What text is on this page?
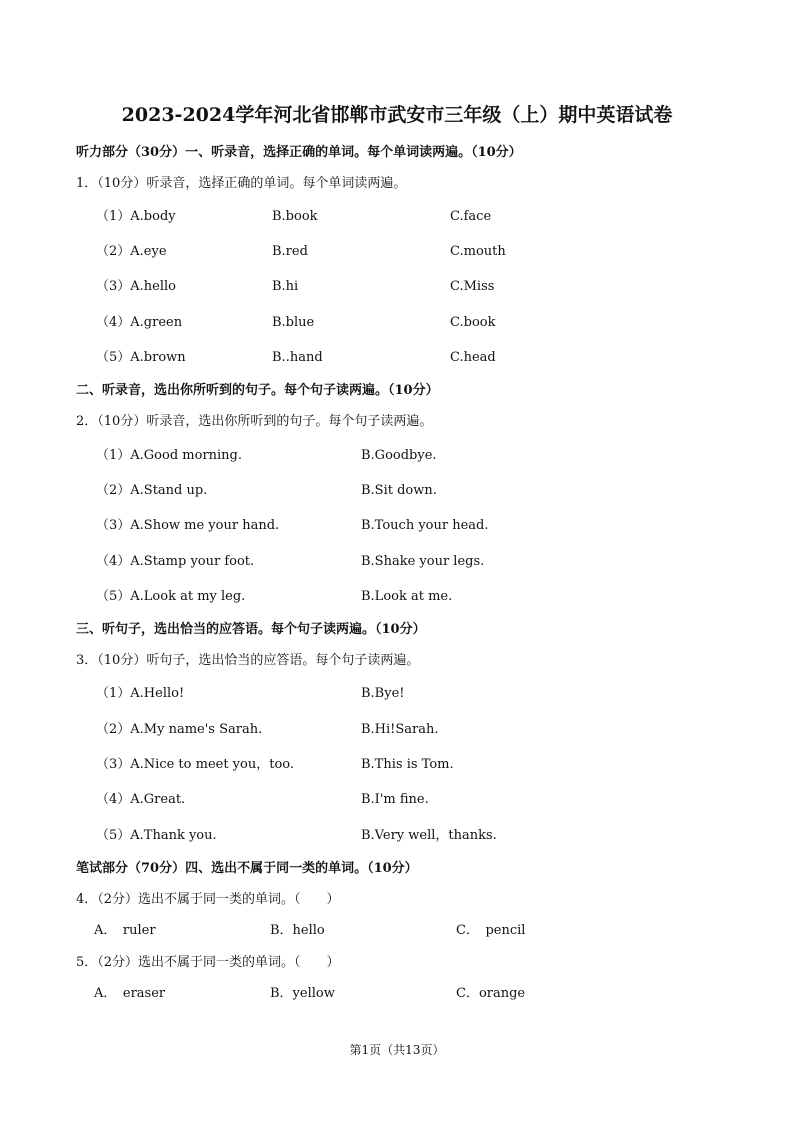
2023-2024学年河北省邯郸市武安市三年级（上）期中英语试卷

听力部分（30分）一、听录音，选择正确的单词。每个单词读两遍。（10分）

1．（10分）听录音，选择正确的单词。每个单词读两遍。

（1）A.body	B.book	C.face
（2）A.eye	B.red	C.mouth
（3）A.hello	B.hi	C.Miss
（4）A.green	B.blue	C.book
（5）A.brown	B..hand	C.head

二、听录音，选出你所听到的句子。每个句子读两遍。（10分）

2．（10分）听录音，选出你所听到的句子。每个句子读两遍。

（1）A.Good morning.	B.Goodbye.
（2）A.Stand up.	B.Sit down.
（3）A.Show me your hand.	B.Touch your head.
（4）A.Stamp your foot.	B.Shake your legs.
（5）A.Look at my leg.	B.Look at me.

三、听句子，选出恰当的应答语。每个句子读两遍。（10分）

3．（10分）听句子，选出恰当的应答语。每个句子读两遍。

（1）A.Hello!	B.Bye!
（2）A.My name's Sarah.	B.Hi!Sarah.
（3）A.Nice to meet you，too.	B.This is Tom.
（4）A.Great.	B.I'm fine.
（5）A.Thank you.	B.Very well，thanks.

笔试部分（70分）四、选出不属于同一类的单词。（10分）

4．（2分）选出不属于同一类的单词。（　　）

A．　ruler	B．hello	C．　pencil

5．（2分）选出不属于同一类的单词。（　　）

A．　eraser	B．yellow	C．orange

第1页（共13页）
